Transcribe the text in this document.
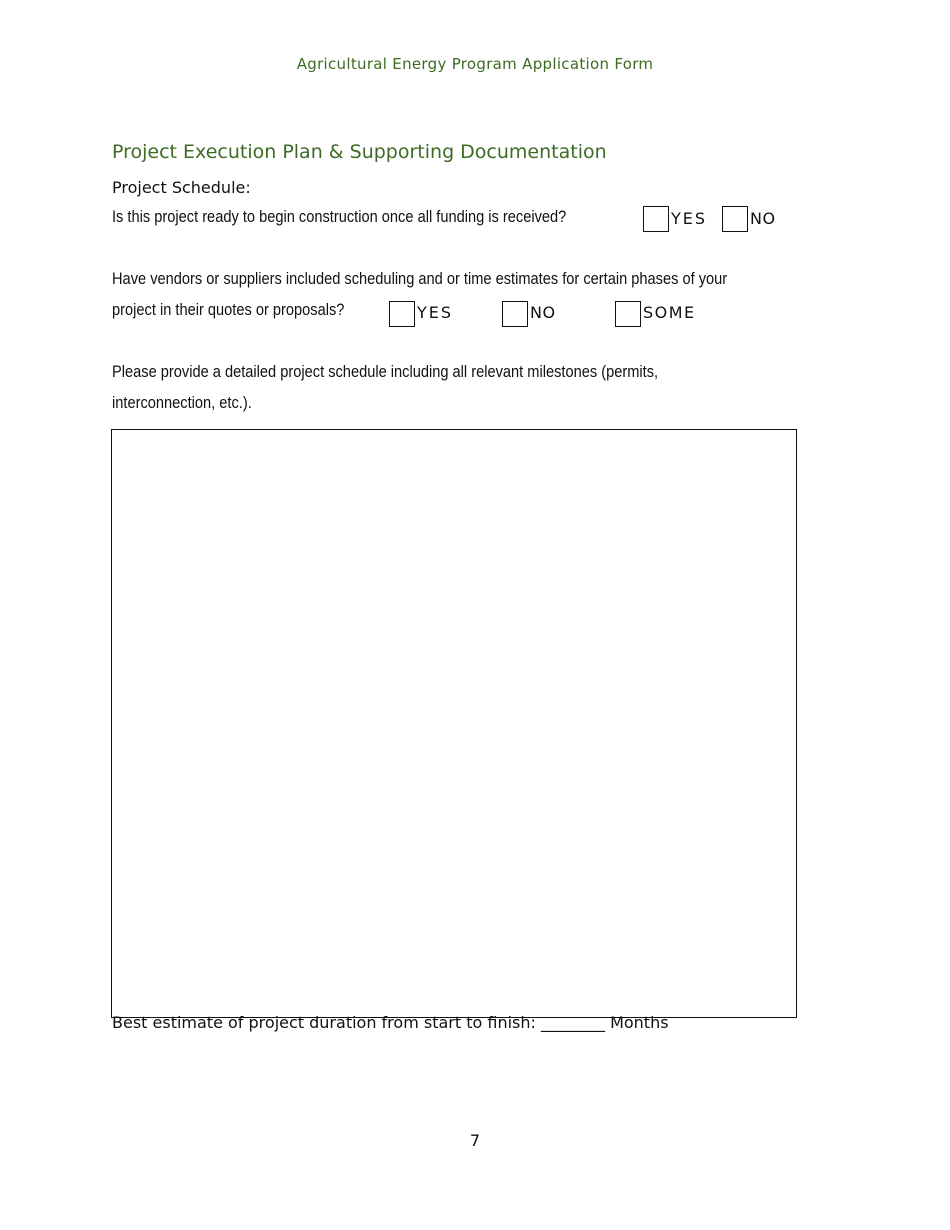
Agricultural Energy Program Application Form
Project Execution Plan & Supporting Documentation
Project Schedule:
Is this project ready to begin construction once all funding is received?	YES	NO
Have vendors or suppliers included scheduling and or time estimates for certain phases of your
project in their quotes or proposals?	YES	NO	SOME
Please provide a detailed project schedule including all relevant milestones (permits,
interconnection, etc.).
Best estimate of project duration from start to finish: ________ Months
7
